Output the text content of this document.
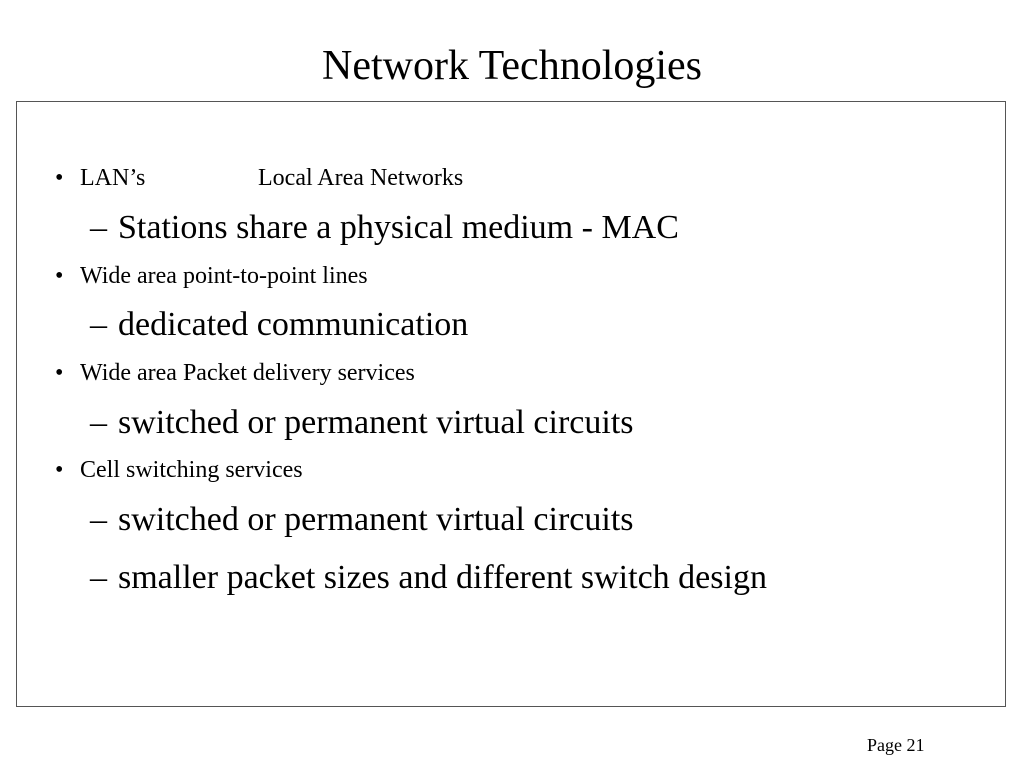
Network Technologies
• LAN’s	Local Area Networks
– Stations share a physical medium - MAC
• Wide area point-to-point lines
– dedicated communication
• Wide area Packet delivery services
– switched or permanent virtual circuits
• Cell switching services
– switched or permanent virtual circuits
– smaller packet sizes and different switch design
Page 21
